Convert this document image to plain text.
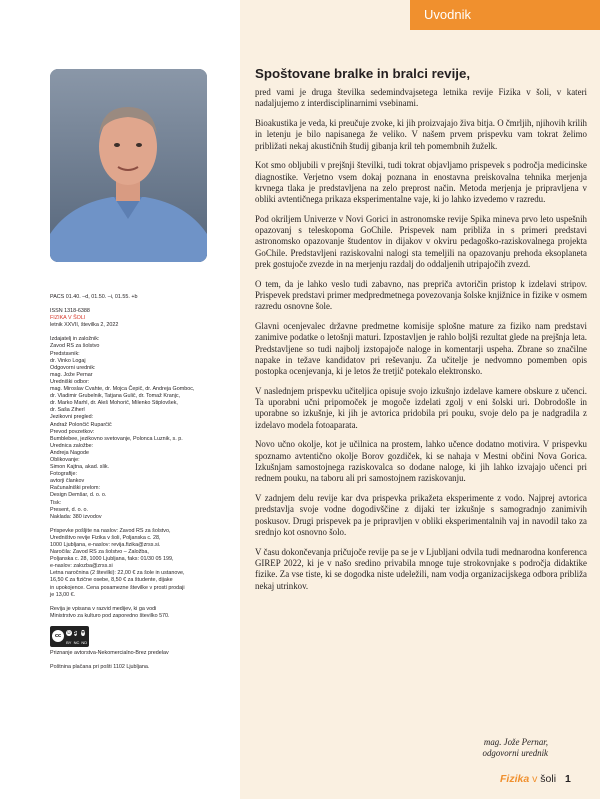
Uvodnik
PACS 01.40. –d, 01.50. –i, 01.55. +b
ISSN 1318-6388
FIZIKA V ŠOLI
letnik XXVII, številka 2, 2022
Izdajatelj in založnik:
Zavod RS za šolstvo
Predstavnik:
dr. Vinko Logaj
Odgovorni urednik:
mag. Jože Pernar
Uredniški odbor:
mag. Miroslav Cvahte, dr. Mojca Čepič, dr. Andreja Gomboc,
dr. Vladimir Grubelnik, Tatjana Gulič, dr. Tomaž Kranjc,
dr. Marko Marhl, dr. Aleš Mohorič, Milenko Stiplovšek,
dr. Saša Ziherl
Jezikovni pregled:
Andraž Polončič Ruparčič
Prevod povzetkov:
Bumblebee, jezikovno svetovanje, Polonca Luznik, s. p.
Urednica založbe:
Andreja Nagode
Oblikovanje:
Simon Kajtna, akad. slik.
Fotografije:
avtorji člankov
Računalniški prelom:
Design Demšar, d. o. o.
Tisk:
Present, d. o. o.
Naklada: 380 izvodov
Prispevke pošljite na naslov: Zavod RS za šolstvo,
Uredništvo revije Fizika v šoli, Poljanska c. 28,
1000 Ljubljana, e-naslov: revija.fizika@zrss.si.
Naročila: Zavod RS za šolstvo – Založba,
Poljanska c. 28, 1000 Ljubljana, faks: 01/30 05 199,
e-naslov: zalozba@zrss.si
Letna naročnina (2 številki): 22,00 € za šole in ustanove,
16,50 € za fizične osebe, 8,50 € za študente, dijake
in upokojence. Cena posamezne številke v prosti prodaji
je 13,00 €.
Revija je vpisana v razvid medijev, ki ga vodi
Ministrstvo za kulturo pod zaporedno številko 570.
cc
☺
BY
$
NC
=
ND
Priznanje avtorstva-Nekomercialno-Brez predelav
Poštnina plačana pri pošti 1102 Ljubljana.
Spoštovane bralke in bralci revije,

pred vami je druga številka sedemindvajsetega letnika revije Fizika v šoli, v kateri nadaljujemo z interdisciplinarnimi vsebinami.

Bioakustika je veda, ki preučuje zvoke, ki jih proizvajajo živa bitja. O čmrljih, njihovih krilih in letenju je bilo napisanega že veliko. V našem prvem prispevku vam tokrat želimo približati nekaj akustičnih študij gibanja kril teh pomembnih žuželk.

Kot smo obljubili v prejšnji številki, tudi tokrat objavljamo prispevek s področja medicinske diagnostike. Verjetno vsem dokaj poznana in enostavna preiskovalna tehnika merjenja krvnega tlaka je predstavljena na zelo preprost način. Metoda merjenja je pripravljena v obliki avtentičnega prikaza eksperimentalne vaje, ki jo lahko izvedemo v razredu.

Pod okriljem Univerze v Novi Gorici in astronomske revije Spika mineva prvo leto uspešnih opazovanj s teleskopoma GoChile. Prispevek nam približa in s primeri predstavi astronomsko opazovanje študentov in dijakov v okviru pedagoško-raziskovalnega projekta GoChile. Predstavljeni raziskovalni nalogi sta temeljili na opazovanju prehoda eksoplaneta prek gostujoče zvezde in na merjenju razdalj do oddaljenih utripajočih zvezd.

O tem, da je lahko veslo tudi zabavno, nas prepriča avtoričin pristop k izdelavi stripov. Prispevek predstavi primer medpredmetnega povezovanja šolske knjižnice in fizike v osmem razredu osnovne šole.

Glavni ocenjevalec državne predmetne komisije splošne mature za fiziko nam predstavi zanimive podatke o letošnji maturi. Izpostavljen je rahlo boljši rezultat glede na prejšnja leta. Predstavljene so tudi najbolj izstopajoče naloge in komentarji uspeha. Zbrane so značilne napake in težave kandidatov pri reševanju. Za učitelje je nedvomno pomemben opis postopka ocenjevanja, ki je letos že tretjič potekalo elektronsko.

V naslednjem prispevku učiteljica opisuje svojo izkušnjo izdelave kamere obskure z učenci. Ta uporabni učni pripomoček je mogoče izdelati zgolj v eni šolski uri. Dobrodošle in uporabne so izkušnje, ki jih je avtorica pridobila pri pouku, svoje delo pa je nadgradila z izdelavo modela fotoaparata.

Novo učno okolje, kot je učilnica na prostem, lahko učence dodatno motivira. V prispevku spoznamo avtentično okolje Borov gozdiček, ki se nahaja v Mestni občini Nova Gorica. Izkušnjam samostojnega raziskovalca so dodane naloge, ki jih lahko izvajajo učenci pri rednem pouku, na taboru ali pri samostojnem raziskovanju.

V zadnjem delu revije kar dva prispevka prikažeta eksperimente z vodo. Najprej avtorica predstavlja svoje vodne dogodivščine z dijaki ter izkušnje s samogradnjo zanimivih poskusov. Drugi prispevek pa je pripravljen v obliki eksperimentalnih vaj in navodil tako za srednjo kot osnovno šolo.

V času dokončevanja pričujoče revije pa se je v Ljubljani odvila tudi mednarodna konferenca GIREP 2022, ki je v našo sredino privabila mnoge tuje strokovnjake s področja didaktike fizike. Za vse tiste, ki se dogodka niste udeležili, nam vodja organizacijskega odbora približa nekaj utrinkov.

mag. Jože Pernar,
odgovorni urednik
Fizika v šoli 1
